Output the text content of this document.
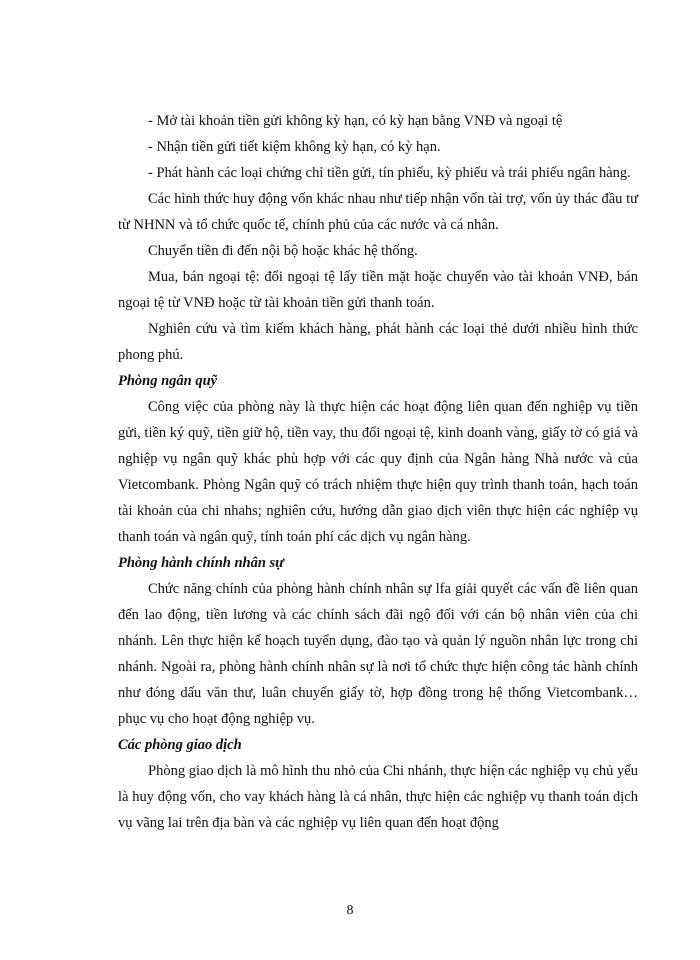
- Mở tài khoản tiền gửi không kỳ hạn, có kỳ hạn bằng VNĐ và ngoại tệ

- Nhận tiền gửi tiết kiệm không kỳ hạn, có kỳ hạn.

- Phát hành các loại chứng chỉ tiền gửi, tín phiếu, kỳ phiếu và trái phiếu ngân hàng.

Các hình thức huy động vốn khác nhau như tiếp nhận vốn tài trợ, vốn ủy thác đầu tư từ NHNN và tổ chức quốc tế, chính phủ của các nước và cá nhân.

Chuyển tiền đi đến nội bộ hoặc khác hệ thống.

Mua, bán ngoại tệ: đổi ngoại tệ lấy tiền mặt hoặc chuyển vào tài khoản VNĐ, bán ngoại tệ từ VNĐ hoặc từ tài khoản tiền gửi thanh toán.

Nghiên cứu và tìm kiếm khách hàng, phát hành các loại thẻ dưới nhiều hình thức phong phú.

Phòng ngân quỹ

Công việc của phòng này là thực hiện các hoạt động liên quan đến nghiệp vụ tiền gửi, tiền ký quỹ, tiền giữ hộ, tiền vay, thu đổi ngoại tệ, kinh doanh vàng, giấy tờ có giá và nghiệp vụ ngân quỹ khác phù hợp với các quy định của Ngân hàng Nhà nước và của Vietcombank. Phòng Ngân quỹ có trách nhiệm thực hiện quy trình thanh toán, hạch toán tài khoản của chi nhahs; nghiên cứu, hướng dẫn giao dịch viên thực hiện các nghiệp vụ thanh toán và ngân quỹ, tính toán phí các dịch vụ ngân hàng.

Phòng hành chính nhân sự

Chức năng chính của phòng hành chính nhân sự lfa giải quyết các vấn đề liên quan đến lao động, tiền lương và các chính sách đãi ngộ đối với cán bộ nhân viên của chi nhánh. Lên thực hiện kế hoạch tuyển dụng, đào tạo và quản lý nguồn nhân lực trong chi nhánh. Ngoài ra, phòng hành chính nhân sự là nơi tổ chức thực hiện công tác hành chính như đóng dấu văn thư, luân chuyển giấy tờ, hợp đồng trong hệ thống Vietcombank…phục vụ cho hoạt động nghiệp vụ.

Các phòng giao dịch

Phòng giao dịch là mô hình thu nhỏ của Chi nhánh, thực hiện các nghiệp vụ chủ yếu là huy động vốn, cho vay khách hàng là cá nhân, thực hiện các nghiệp vụ thanh toán dịch vụ vãng lai trên địa bàn và các nghiệp vụ liên quan đến hoạt động

8
